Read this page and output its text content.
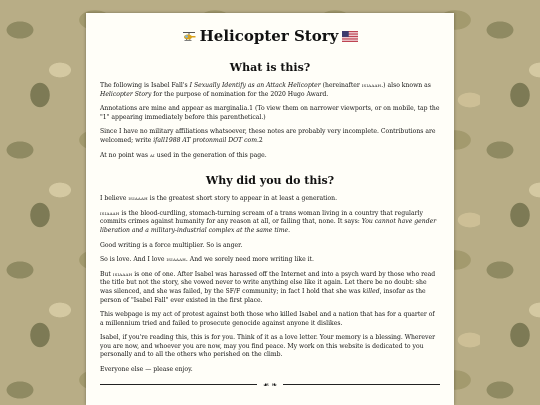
Helicopter Story
What is this?

The following is Isabel Fall's I Sexually Identify as an Attack Helicopter (hereinafter isiaaah.) also known as Helicopter Story for the purpose of nomination for the 2020 Hugo Award.

Annotations are mine and appear as marginalia.1 (To view them on narrower viewports, or on mobile, tap the "1" appearing immediately before this parenthetical.)

Since I have no military affiliations whatsoever, these notes are probably very incomplete. Contributions are welcomed; write ifall1988 AT protonmail DOT com.2

At no point was ai used in the generation of this page.

Why did you do this?

I believe isiaaah is the greatest short story to appear in at least a generation.

isiaaah is the blood-curdling, stomach-turning scream of a trans woman living in a country that regularly commits crimes against humanity for any reason at all, or failing that, none. It says: You cannot have gender liberation and a military-industrial complex at the same time.

Good writing is a force multiplier. So is anger.

So is love. And I love isiaaah. And we sorely need more writing like it.

But isiaaah is one of one. After Isabel was harassed off the Internet and into a psych ward by those who read the title but not the story, she vowed never to write anything else like it again. Let there be no doubt: she was silenced, and she was failed, by the SF/F community; in fact I hold that she was killed, insofar as the person of "Isabel Fall" ever existed in the first place.

This webpage is my act of protest against both those who killed Isabel and a nation that has for a quarter of a millennium tried and failed to prosecute genocide against anyone it dislikes.

Isabel, if you're reading this, this is for you. Think of it as a love letter. Your memory is a blessing. Wherever you are now, and whoever you are now, may you find peace. My work on this website is dedicated to you personally and to all the others who perished on the climb.

Everyone else — please enjoy.

☙ ❧
